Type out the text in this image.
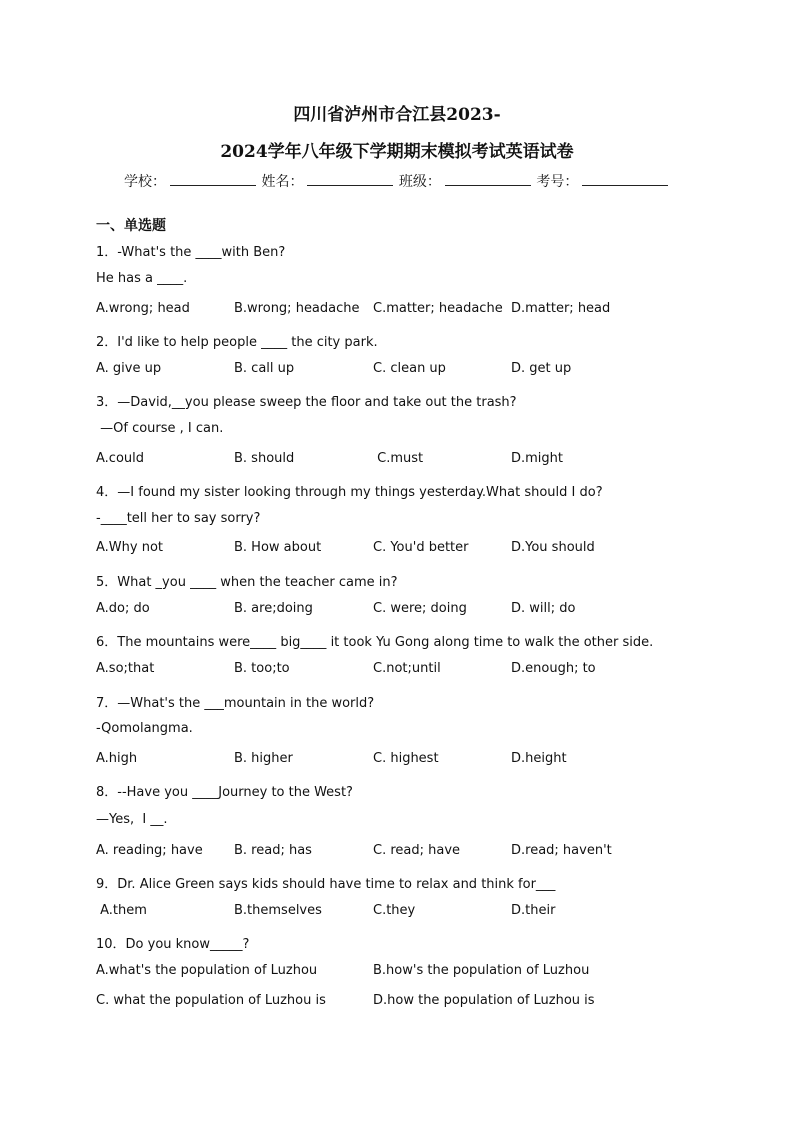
四川省泸州市合江县2023-
2024学年八年级下学期期末模拟考试英语试卷
学校：	姓名：	班级：	考号：
一、单选题
1．-What's the ____with Ben?
He has a ____.
A.wrong; head	B.wrong; headache C.matter; headache D.matter; head
2．I'd like to help people ____ the city park.
A. give up	B. call up	C. clean up	D. get up
3．—David,__you please sweep the floor and take out the trash?
—Of course , I can.
A.could	B. should	C.must	D.might
4．—I found my sister looking through my things yesterday.What should I do?
-____tell her to say sorry?
A.Why not	B. How about	C. You'd better	D.You should
5．What _you ____ when the teacher came in?
A.do; do	B. are;doing	C. were; doing	D. will; do
6．The mountains were____ big____ it took Yu Gong along time to walk the other side.
A.so;that	B. too;to	C.not;until	D.enough; to
7．—What's the ___mountain in the world?
-Qomolangma.
A.high	B. higher	C. highest	D.height
8．--Have you ____Journey to the West?
—Yes,  I __.
A. reading; have B. read; has	C. read; have	D.read; haven't
9．Dr. Alice Green says kids should have time to relax and think for___
A.them	B.themselves	C.they	D.their
10．Do you know_____?
A.what's the population of Luzhou	B.how's the population of Luzhou
C. what the population of Luzhou is	D.how the population of Luzhou is
